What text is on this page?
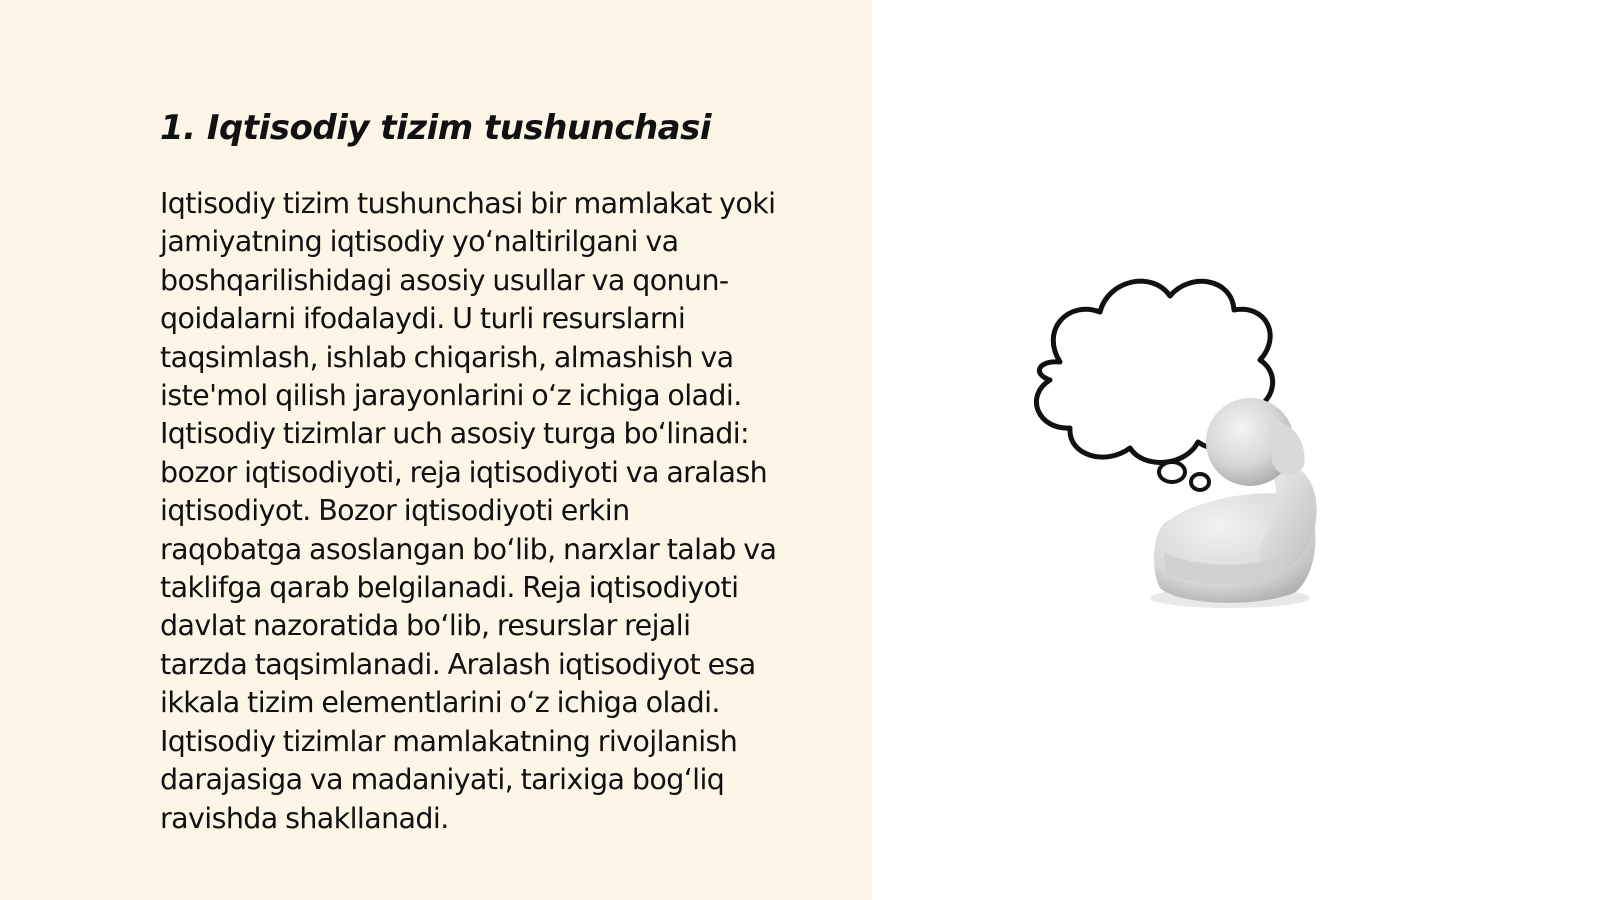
1. Iqtisodiy tizim tushunchasi

Iqtisodiy tizim tushunchasi bir mamlakat yoki
jamiyatning iqtisodiy yo‘naltirilgani va
boshqarilishidagi asosiy usullar va qonun-
qoidalarni ifodalaydi. U turli resurslarni
taqsimlash, ishlab chiqarish, almashish va
iste'mol qilish jarayonlarini o‘z ichiga oladi.
Iqtisodiy tizimlar uch asosiy turga bo‘linadi:
bozor iqtisodiyoti, reja iqtisodiyoti va aralash
iqtisodiyot. Bozor iqtisodiyoti erkin
raqobatga asoslangan bo‘lib, narxlar talab va
taklifga qarab belgilanadi. Reja iqtisodiyoti
davlat nazoratida bo‘lib, resurslar rejali
tarzda taqsimlanadi. Aralash iqtisodiyot esa
ikkala tizim elementlarini o‘z ichiga oladi.
Iqtisodiy tizimlar mamlakatning rivojlanish
darajasiga va madaniyati, tarixiga bog‘liq
ravishda shakllanadi.
